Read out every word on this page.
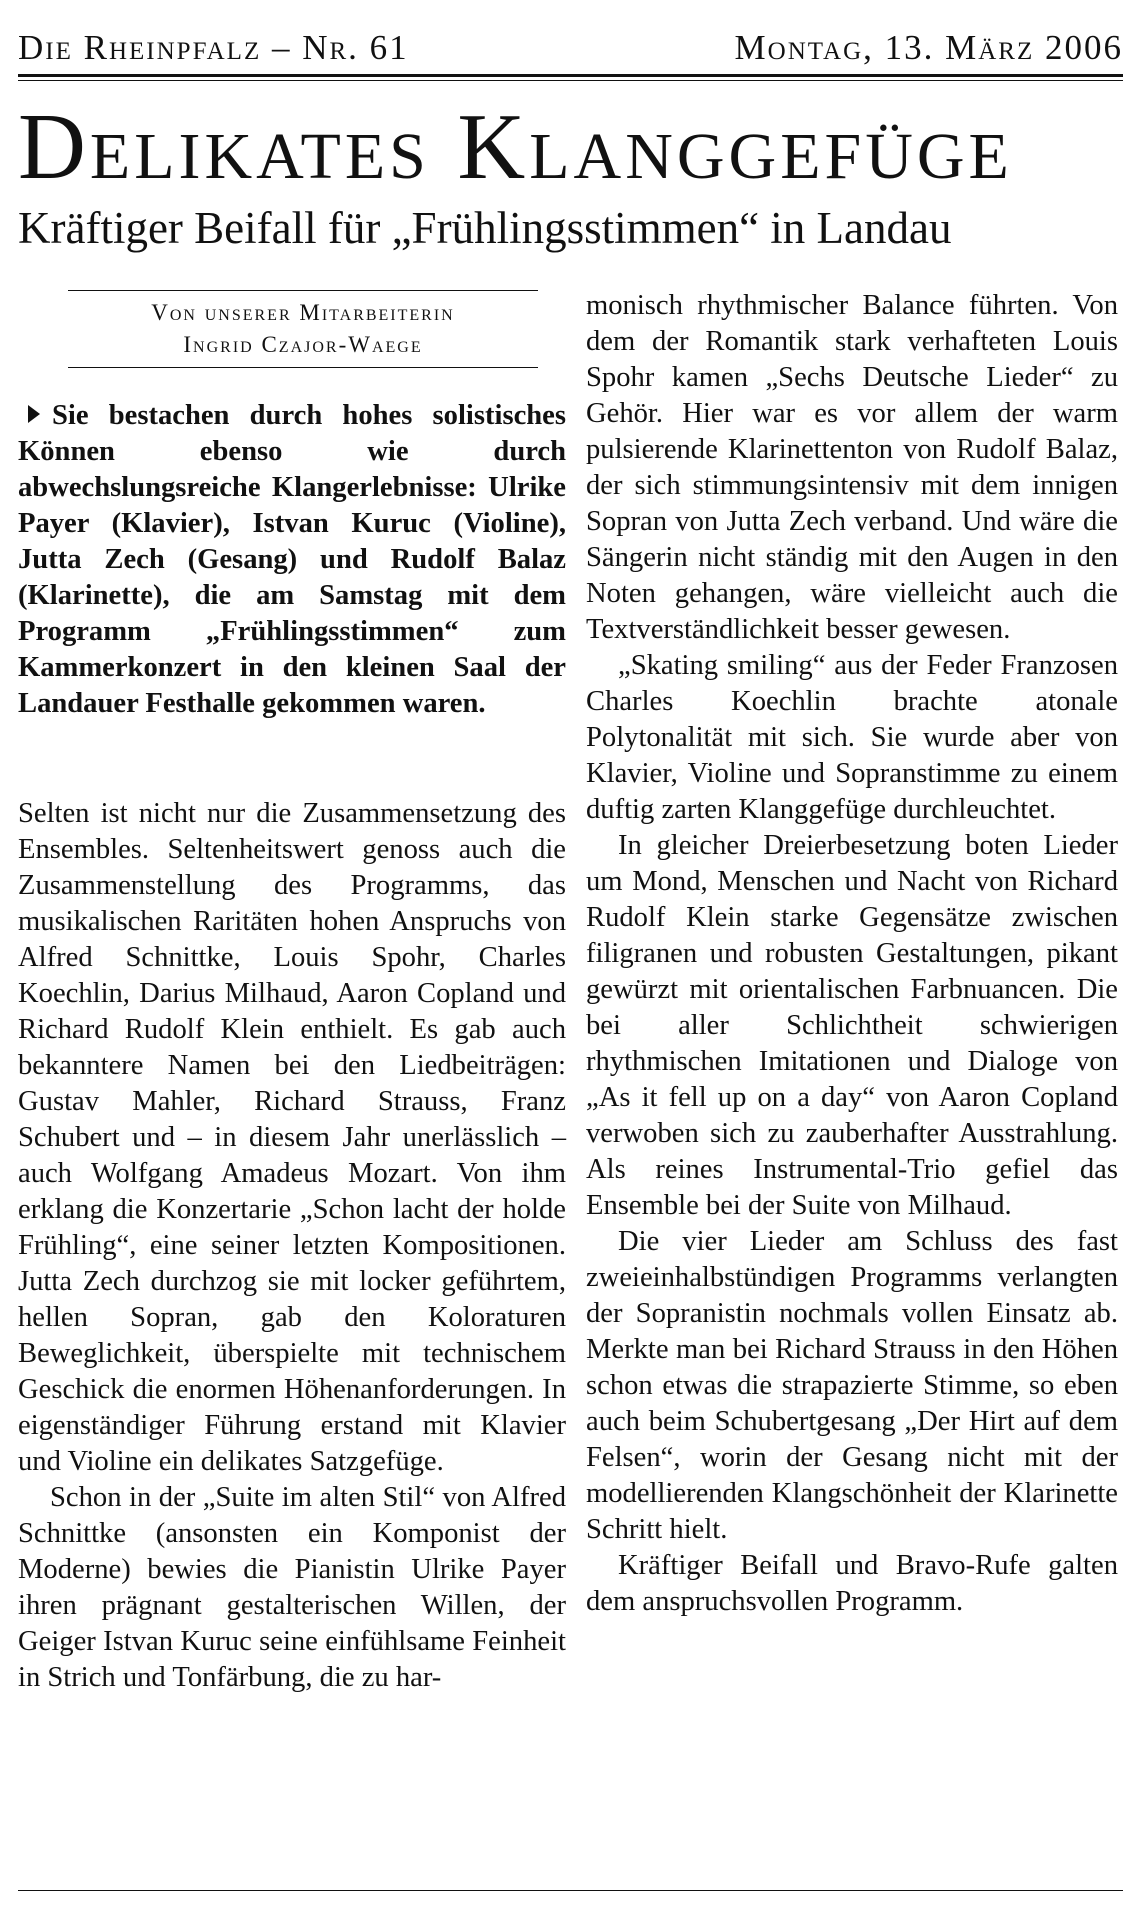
Die Rheinpfalz – Nr. 61	Montag, 13. März 2006
Delikates Klanggefüge
Kräftiger Beifall für „Frühlingsstimmen“ in Landau
Von unserer Mitarbeiterin
Ingrid Czajor-Waege
Sie bestachen durch hohes solistisches Können ebenso wie durch abwechslungsreiche Klangerlebnisse: Ulrike Payer (Klavier), Istvan Kuruc (Violine), Jutta Zech (Gesang) und Rudolf Balaz (Klarinette), die am Samstag mit dem Programm „Frühlingsstimmen“ zum Kammerkonzert in den kleinen Saal der Landauer Festhalle gekommen waren.

Selten ist nicht nur die Zusammensetzung des Ensembles. Seltenheitswert genoss auch die Zusammenstellung des Programms, das musikalischen Raritäten hohen Anspruchs von Alfred Schnittke, Louis Spohr, Charles Koechlin, Darius Milhaud, Aaron Copland und Richard Rudolf Klein enthielt. Es gab auch bekanntere Namen bei den Liedbeiträgen: Gustav Mahler, Richard Strauss, Franz Schubert und – in diesem Jahr unerlässlich – auch Wolfgang Amadeus Mozart. Von ihm erklang die Konzertarie „Schon lacht der holde Frühling“, eine seiner letzten Kompositionen. Jutta Zech durchzog sie mit locker geführtem, hellen Sopran, gab den Koloraturen Beweglichkeit, überspielte mit technischem Geschick die enormen Höhenanforderungen. In eigenständiger Führung erstand mit Klavier und Violine ein delikates Satzgefüge.

Schon in der „Suite im alten Stil“ von Alfred Schnittke (ansonsten ein Komponist der Moderne) bewies die Pianistin Ulrike Payer ihren prägnant gestalterischen Willen, der Geiger Istvan Kuruc seine einfühlsame Feinheit in Strich und Tonfärbung, die zu har-

monisch rhythmischer Balance führten. Von dem der Romantik stark verhafteten Louis Spohr kamen „Sechs Deutsche Lieder“ zu Gehör. Hier war es vor allem der warm pulsierende Klarinettenton von Rudolf Balaz, der sich stimmungsintensiv mit dem innigen Sopran von Jutta Zech verband. Und wäre die Sängerin nicht ständig mit den Augen in den Noten gehangen, wäre vielleicht auch die Textverständlichkeit besser gewesen.

„Skating smiling“ aus der Feder Franzosen Charles Koechlin brachte atonale Polytonalität mit sich. Sie wurde aber von Klavier, Violine und Sopranstimme zu einem duftig zarten Klanggefüge durchleuchtet.

In gleicher Dreierbesetzung boten Lieder um Mond, Menschen und Nacht von Richard Rudolf Klein starke Gegensätze zwischen filigranen und robusten Gestaltungen, pikant gewürzt mit orientalischen Farbnuancen. Die bei aller Schlichtheit schwierigen rhythmischen Imitationen und Dialoge von „As it fell up on a day“ von Aaron Copland verwoben sich zu zauberhafter Ausstrahlung. Als reines Instrumental-Trio gefiel das Ensemble bei der Suite von Milhaud.

Die vier Lieder am Schluss des fast zweieinhalbstündigen Programms verlangten der Sopranistin nochmals vollen Einsatz ab. Merkte man bei Richard Strauss in den Höhen schon etwas die strapazierte Stimme, so eben auch beim Schubertgesang „Der Hirt auf dem Felsen“, worin der Gesang nicht mit der modellierenden Klangschönheit der Klarinette Schritt hielt.

Kräftiger Beifall und Bravo-Rufe galten dem anspruchsvollen Programm.
